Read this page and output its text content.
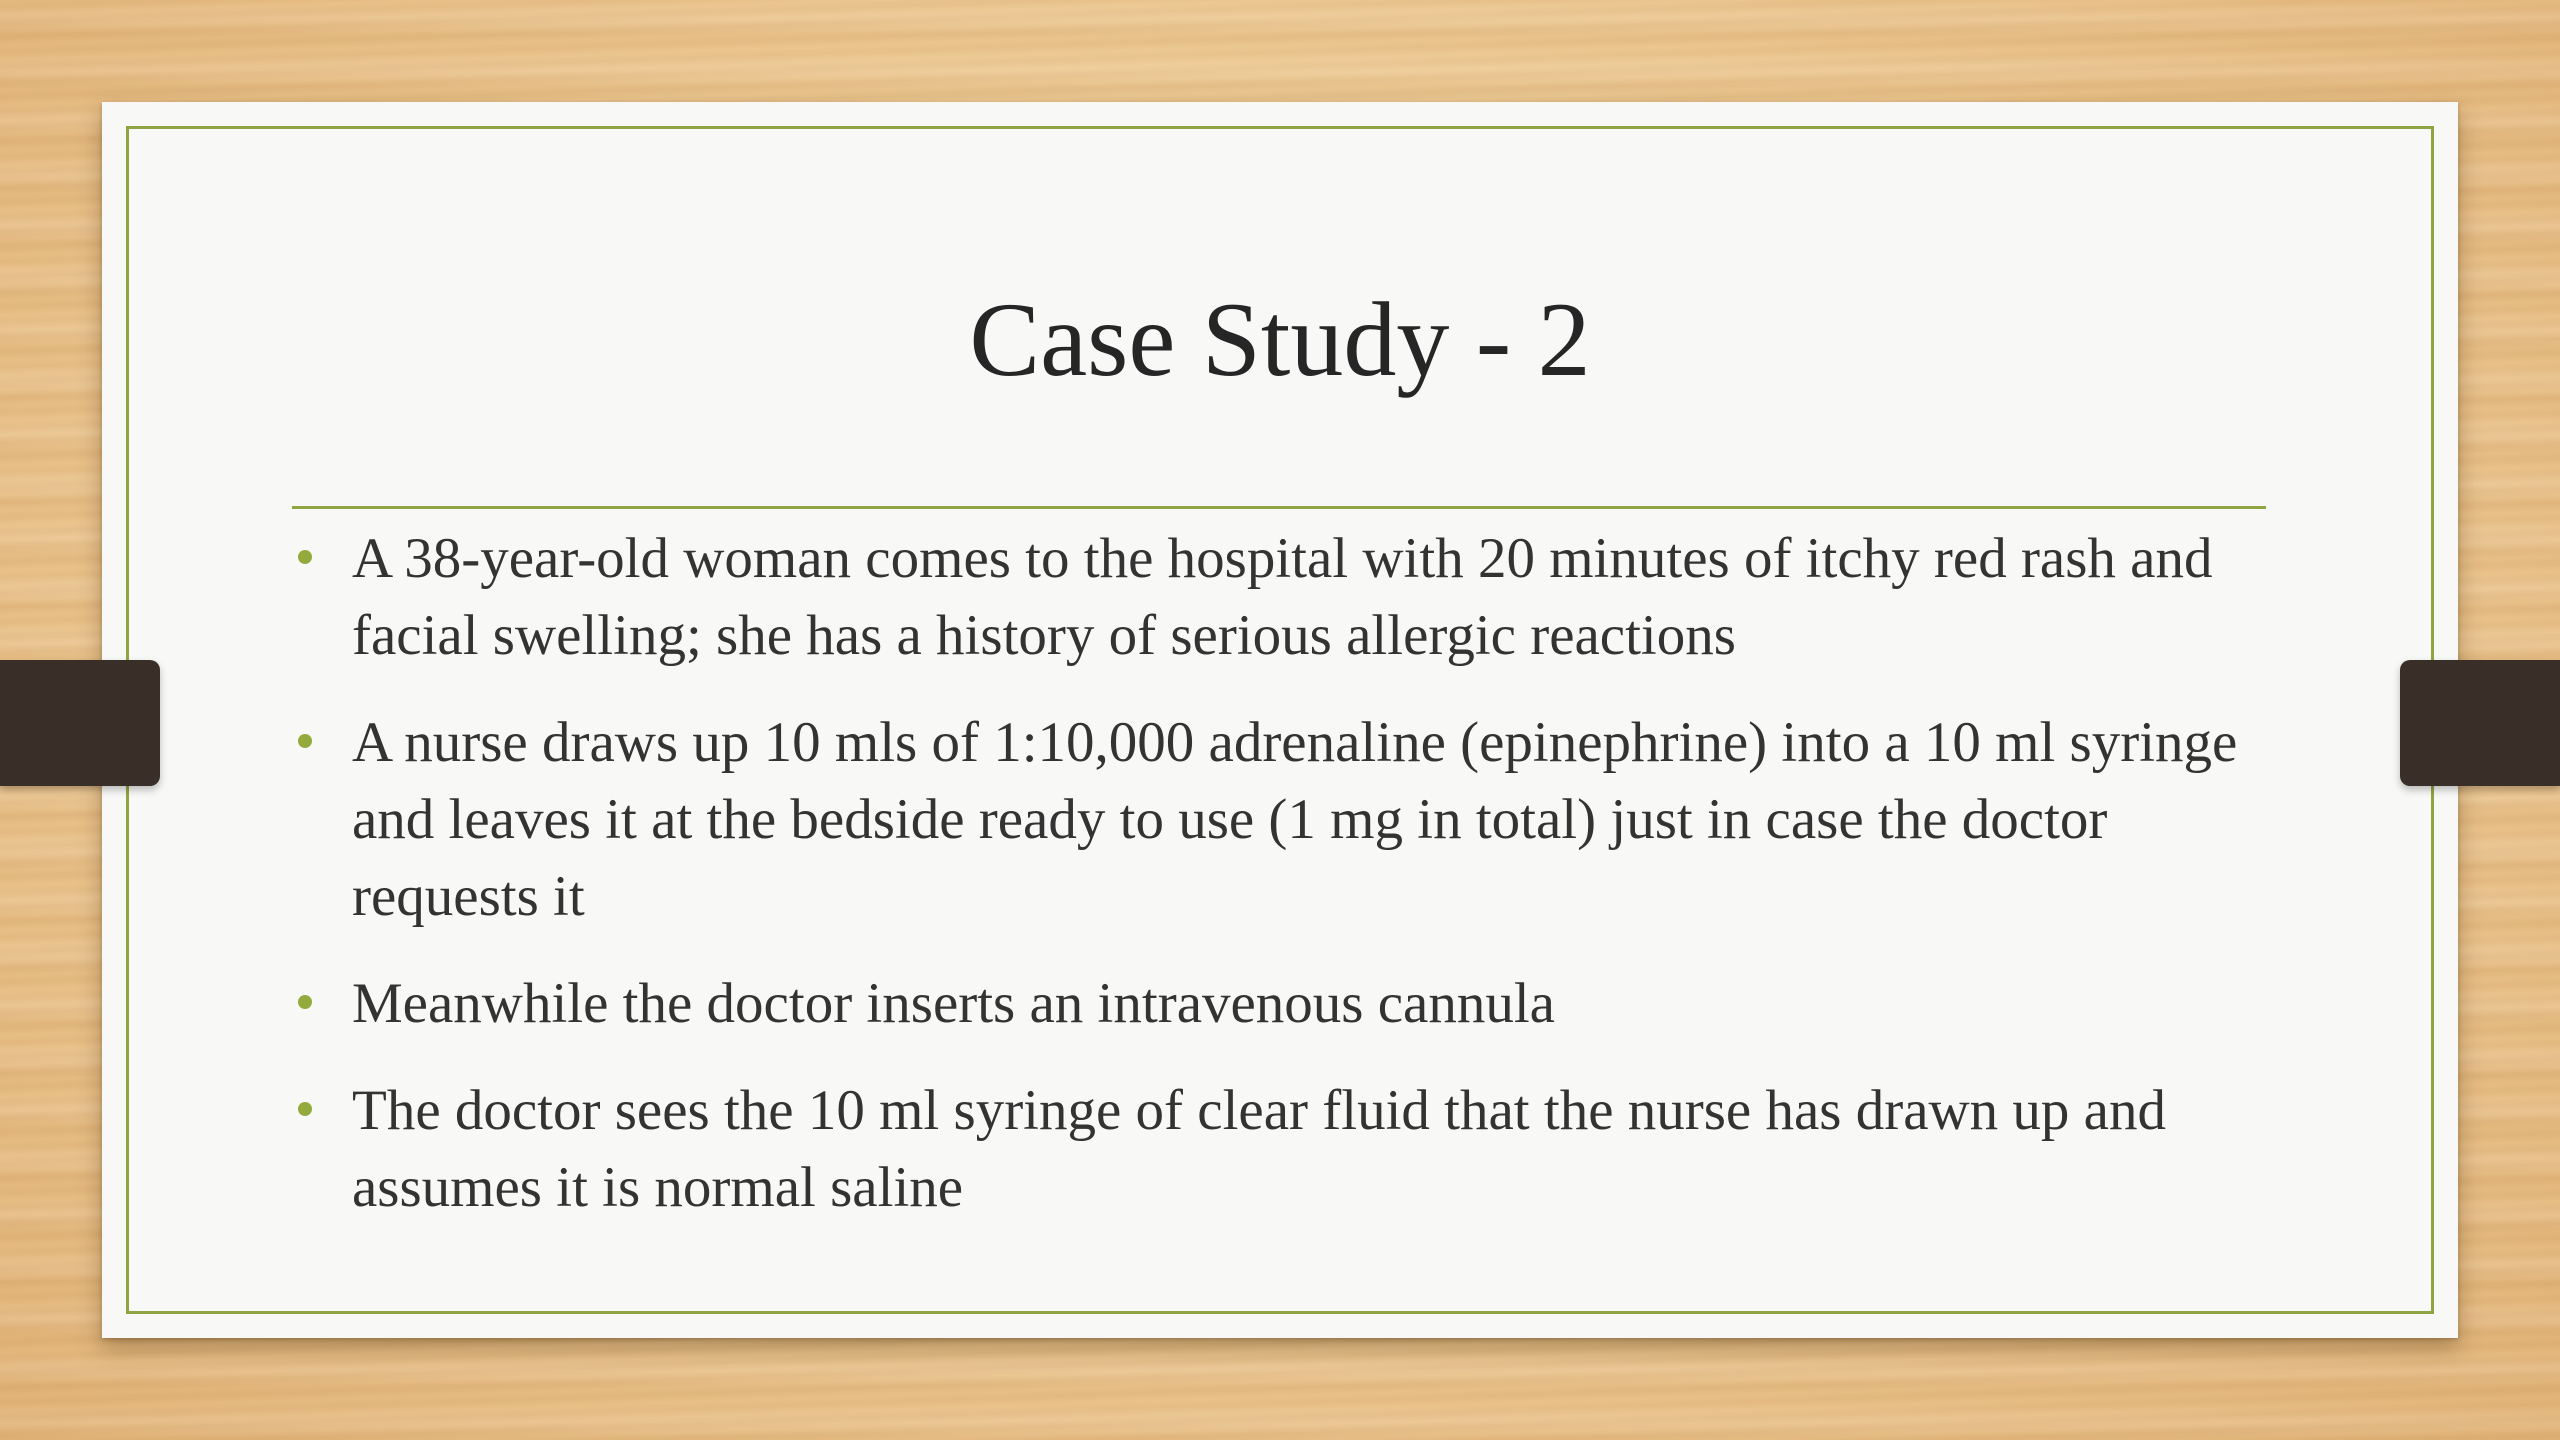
Case Study - 2
A 38-year-old woman comes to the hospital with 20 minutes of itchy red rash and facial swelling; she has a history of serious allergic reactions
A nurse draws up 10 mls of 1:10,000 adrenaline (epinephrine) into a 10 ml syringe and leaves it at the bedside ready to use (1 mg in total) just in case the doctor requests it
Meanwhile the doctor inserts an intravenous cannula
The doctor sees the 10 ml syringe of clear fluid that the nurse has drawn up and assumes it is normal saline
